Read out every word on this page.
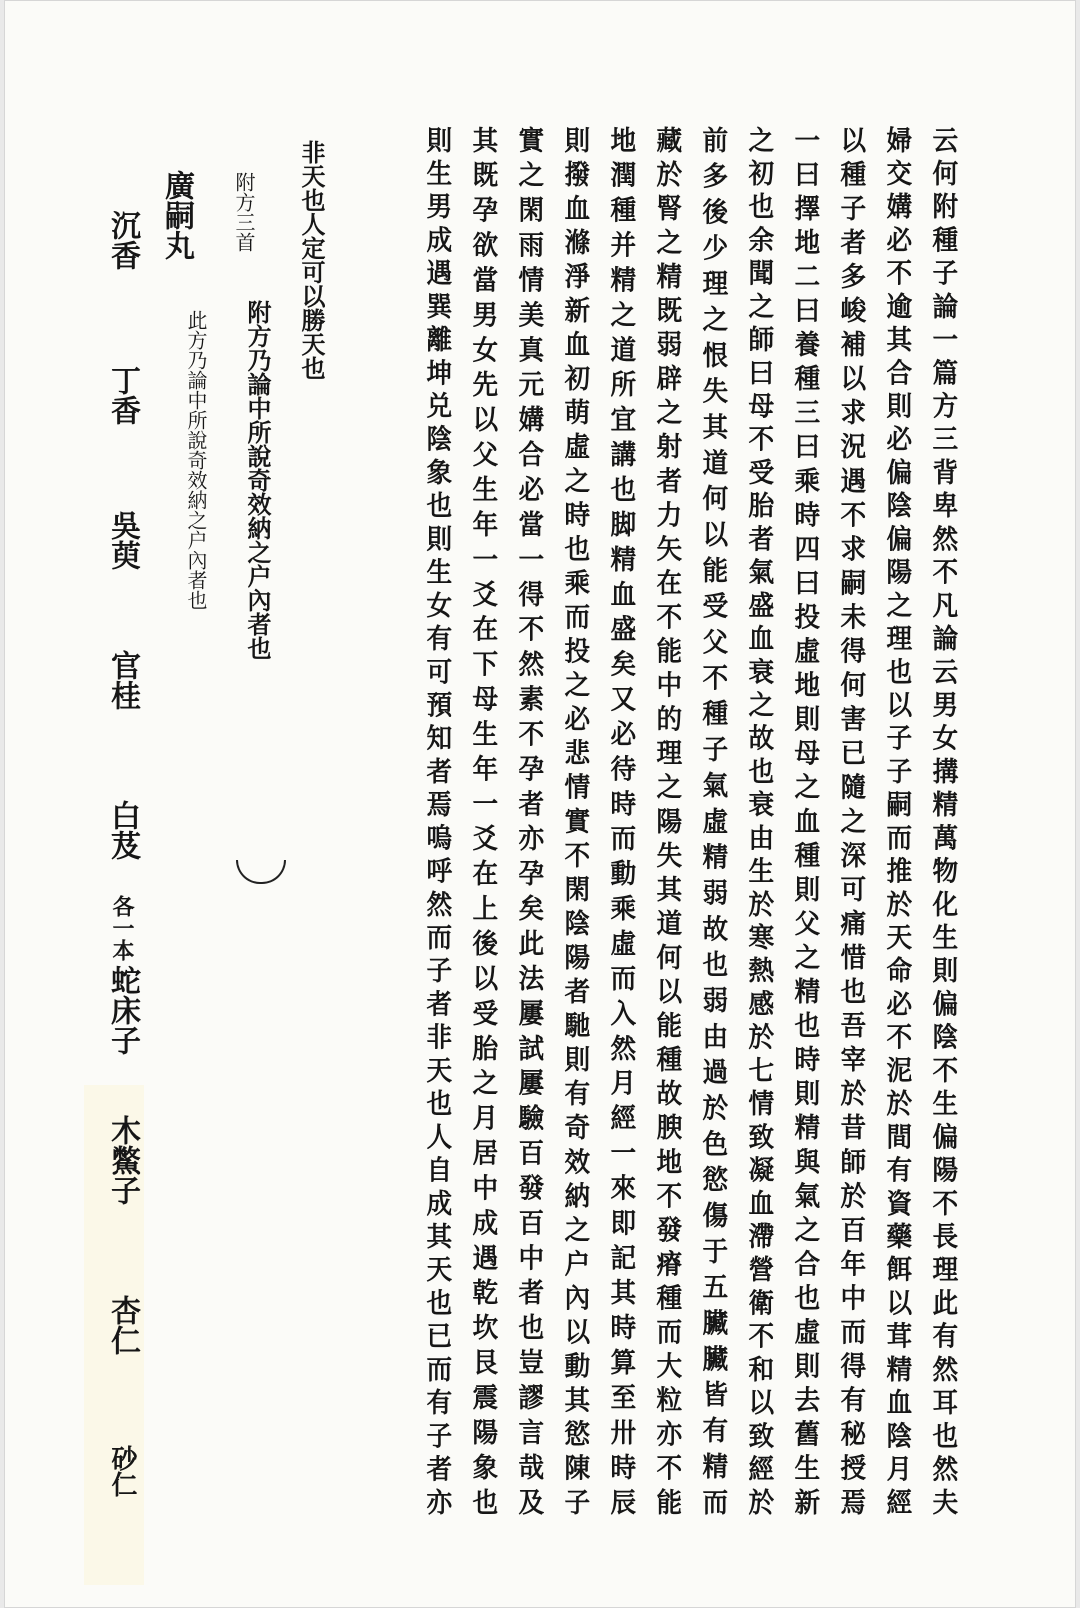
云何附種子論一篇方三背卑然不凡論云男女搆精萬物化生則偏陰不生偏陽不長理此有然耳也然夫
婦交媾必不逾其合則必偏陰偏陽之理也以子子嗣而推於天命必不泥於間有資藥餌以茸精血陰月經
以種子者多峻補以求況遇不求嗣未得何害已隨之深可痛惜也吾宰於昔師於百年中而得有秘授焉
一曰擇地二曰養種三曰乘時四曰投虛地則母之血種則父之精也時則精與氣之合也虛則去舊生新
之初也余聞之師曰母不受胎者氣盛血衰之故也衰由生於寒熱感於七情致凝血滯營衛不和以致經於
前多後少理之恨失其道何以能受父不種子氣虛精弱故也弱由過於色慾傷于五臟臟皆有精而
藏於腎之精既弱辟之射者力矢在不能中的理之陽失其道何以能種故腴地不發瘠種而大粒亦不能
地潤種并精之道所宜講也脚精血盛矣又必待時而動乘虛而入然月經一來即記其時算至卅時辰
則撥血滌淨新血初萌虛之時也乘而投之必悲情實不閑陰陽者馳則有奇效納之户內以動其慾陳子
實之閑雨情美真元媾合必當一得不然素不孕者亦孕矣此法屢試屢驗百發百中者也豈謬言哉及
其既孕欲當男女先以父生年一爻在下母生年一爻在上後以受胎之月居中成遇乾坎艮震陽象也
則生男成遇巽離坤兑陰象也則生女有可預知者焉嗚呼然而子者非天也人自成其天也已而有子者亦
非天也人定可以勝天也
附方三首
附方乃論中所說奇效納之户內者也
廣嗣丸
此方乃論中所說奇效納之户內者也
沉香
丁香
吳萸
官桂
白芨 各一本
蛇床子
木鱉子
杏仁
砂仁
